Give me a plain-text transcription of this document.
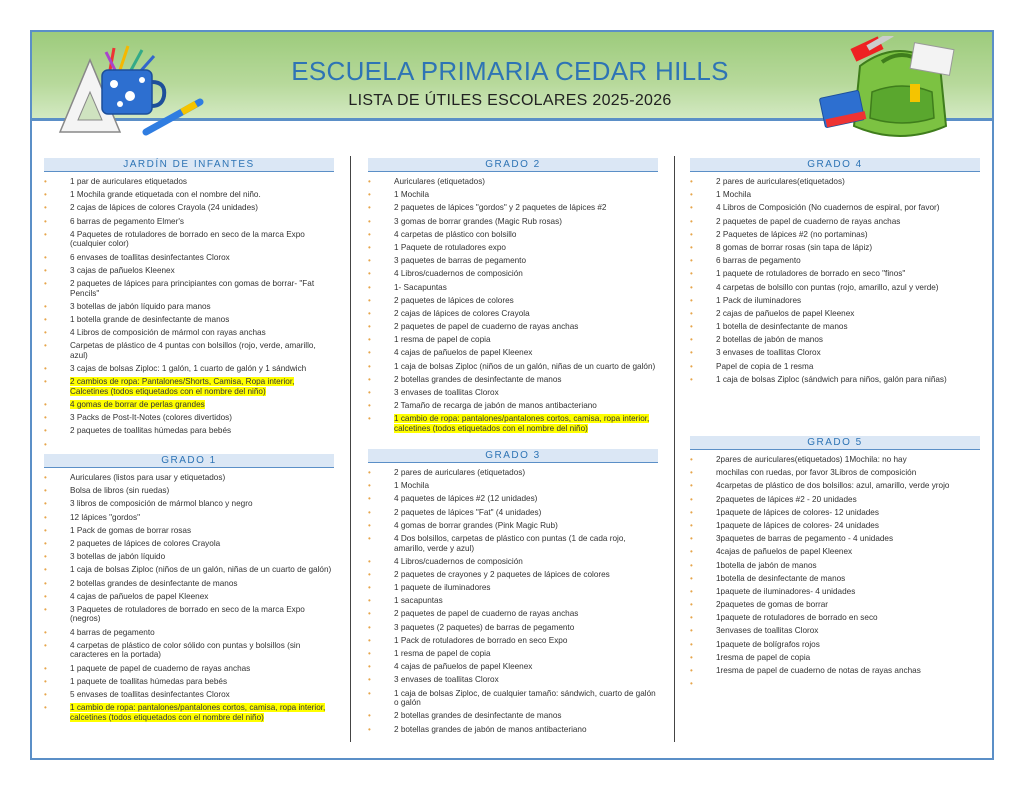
ESCUELA PRIMARIA CEDAR HILLS
LISTA DE ÚTILES ESCOLARES 2025-2026
JARDÍN DE INFANTES
• 1 par de auriculares etiquetados
• 1 Mochila grande etiquetada con el nombre del niño.
• 2 cajas de lápices de colores Crayola (24 unidades)
• 6 barras de pegamento Elmer's
• 4 Paquetes de rotuladores de borrado en seco de la marca Expo (cualquier color)
• 6 envases de toallitas desinfectantes Clorox
• 3 cajas de pañuelos Kleenex
• 2 paquetes de lápices para principiantes con gomas de borrar- "Fat Pencils"
• 3 botellas de jabón líquido para manos
• 1 botella grande de desinfectante de manos
• 4 Libros de composición de mármol con rayas anchas
• Carpetas de plástico de 4 puntas con bolsillos (rojo, verde, amarillo, azul)
• 3 cajas de bolsas Ziploc: 1 galón, 1 cuarto de galón y 1 sándwich
• 2 cambios de ropa: Pantalones/Shorts, Camisa, Ropa interior, Calcetines (todos etiquetados con el nombre del niño)
• 4 gomas de borrar de perlas grandes
• 3 Packs de Post-It-Notes (colores divertidos)
• 2 paquetes de toallitas húmedas para bebés
•
GRADO 1
• Auriculares (listos para usar y etiquetados)
• Bolsa de libros (sin ruedas)
• 3 libros de composición de mármol blanco y negro
• 12 lápices "gordos"
• 1 Pack de gomas de borrar rosas
• 2 paquetes de lápices de colores Crayola
• 3 botellas de jabón líquido
• 1 caja de bolsas Ziploc (niños de un galón, niñas de un cuarto de galón)
• 2 botellas grandes de desinfectante de manos
• 4 cajas de pañuelos de papel Kleenex
• 3 Paquetes de rotuladores de borrado en seco de la marca Expo (negros)
• 4 barras de pegamento
• 4 carpetas de plástico de color sólido con puntas y bolsillos (sin caracteres en la portada)
• 1 paquete de papel de cuaderno de rayas anchas
• 1 paquete de toallitas húmedas para bebés
• 5 envases de toallitas desinfectantes Clorox
• 1 cambio de ropa: pantalones/pantalones cortos, camisa, ropa interior, calcetines (todos etiquetados con el nombre del niño)
GRADO 2
• Auriculares (etiquetados)
• 1 Mochila
• 2 paquetes de lápices "gordos" y 2 paquetes de lápices #2
• 3 gomas de borrar grandes (Magic Rub rosas)
• 4 carpetas de plástico con bolsillo
• 1 Paquete de rotuladores expo
• 3 paquetes de barras de pegamento
• 4 Libros/cuadernos de composición
• 1- Sacapuntas
• 2 paquetes de lápices de colores
• 2 cajas de lápices de colores Crayola
• 2 paquetes de papel de cuaderno de rayas anchas
• 1 resma de papel de copia
• 4 cajas de pañuelos de papel Kleenex
• 1 caja de bolsas Ziploc (niños de un galón, niñas de un cuarto de galón)
• 2 botellas grandes de desinfectante de manos
• 3 envases de toallitas Clorox
• 2 Tamaño de recarga de jabón de manos antibacteriano
• 1 cambio de ropa: pantalones/pantalones cortos, camisa, ropa interior, calcetines (todos etiquetados con el nombre del niño)
GRADO 3
• 2 pares de auriculares (etiquetados)
• 1 Mochila
• 4 paquetes de lápices #2 (12 unidades)
• 2 paquetes de lápices "Fat" (4 unidades)
• 4 gomas de borrar grandes (Pink Magic Rub)
• 4 Dos bolsillos, carpetas de plástico con puntas (1 de cada rojo, amarillo, verde y azul)
• 4 Libros/cuadernos de composición
• 2 paquetes de crayones y 2 paquetes de lápices de colores
• 1 paquete de iluminadores
• 1 sacapuntas
• 2 paquetes de papel de cuaderno de rayas anchas
• 3 paquetes (2 paquetes) de barras de pegamento
• 1 Pack de rotuladores de borrado en seco Expo
• 1 resma de papel de copia
• 4 cajas de pañuelos de papel Kleenex
• 3 envases de toallitas Clorox
• 1 caja de bolsas Ziploc, de cualquier tamaño: sándwich, cuarto de galón o galón
• 2 botellas grandes de desinfectante de manos
• 2 botellas grandes de jabón de manos antibacteriano
GRADO 4
• 2 pares de auriculares(etiquetados)
• 1 Mochila
• 4 Libros de Composición (No cuadernos de espiral, por favor)
• 2 paquetes de papel de cuaderno de rayas anchas
• 2 Paquetes de lápices #2 (no portaminas)
• 8 gomas de borrar rosas (sin tapa de lápiz)
• 6 barras de pegamento
• 1 paquete de rotuladores de borrado en seco "finos"
• 4 carpetas de bolsillo con puntas (rojo, amarillo, azul y verde)
• 1 Pack de iluminadores
• 2 cajas de pañuelos de papel Kleenex
• 1 botella de desinfectante de manos
• 2 botellas de jabón de manos
• 3 envases de toallitas Clorox
• Papel de copia de 1 resma
• 1 caja de bolsas Ziploc (sándwich para niños, galón para niñas)
GRADO 5
• 2pares de auriculares(etiquetados) 1Mochila: no hay
• mochilas con ruedas, por favor 3Libros de composición
• 4carpetas de plástico de dos bolsillos: azul, amarillo, verde yrojo
• 2paquetes de lápices #2 - 20 unidades
• 1paquete de lápices de colores- 12 unidades
• 1paquete de lápices de colores- 24 unidades
• 3paquetes de barras de pegamento - 4 unidades
• 4cajas de pañuelos de papel Kleenex
• 1botella de jabón de manos
• 1botella de desinfectante de manos
• 1paquete de iluminadores- 4 unidades
• 2paquetes de gomas de borrar
• 1paquete de rotuladores de borrado en seco
• 3envases de toallitas Clorox
• 1paquete de bolígrafos rojos
• 1resma de papel de copia
• 1resma de papel de cuaderno de notas de rayas anchas
•
